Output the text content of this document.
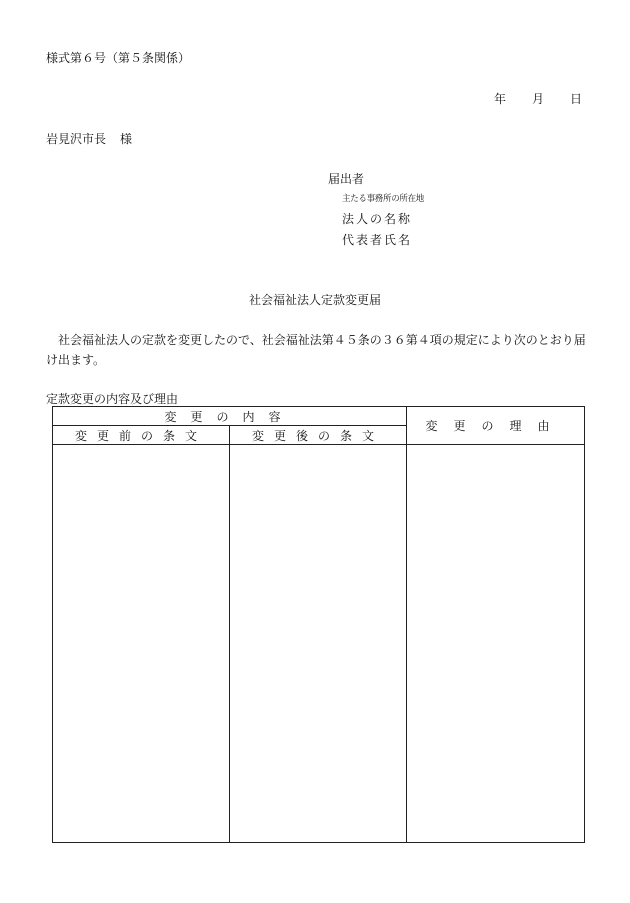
様式第６号（第５条関係）
年 月 日
岩見沢市長 様
届出者
主たる事務所の所在地
法人の名称
代表者氏名
社会福祉法人定款変更届
社会福祉法人の定款を変更したので、社会福祉法第４５条の３６第４項の規定により次のとおり届け出ます。
定款変更の内容及び理由
変更の内容		変更の理由
変更前の条文	変更後の条文	
